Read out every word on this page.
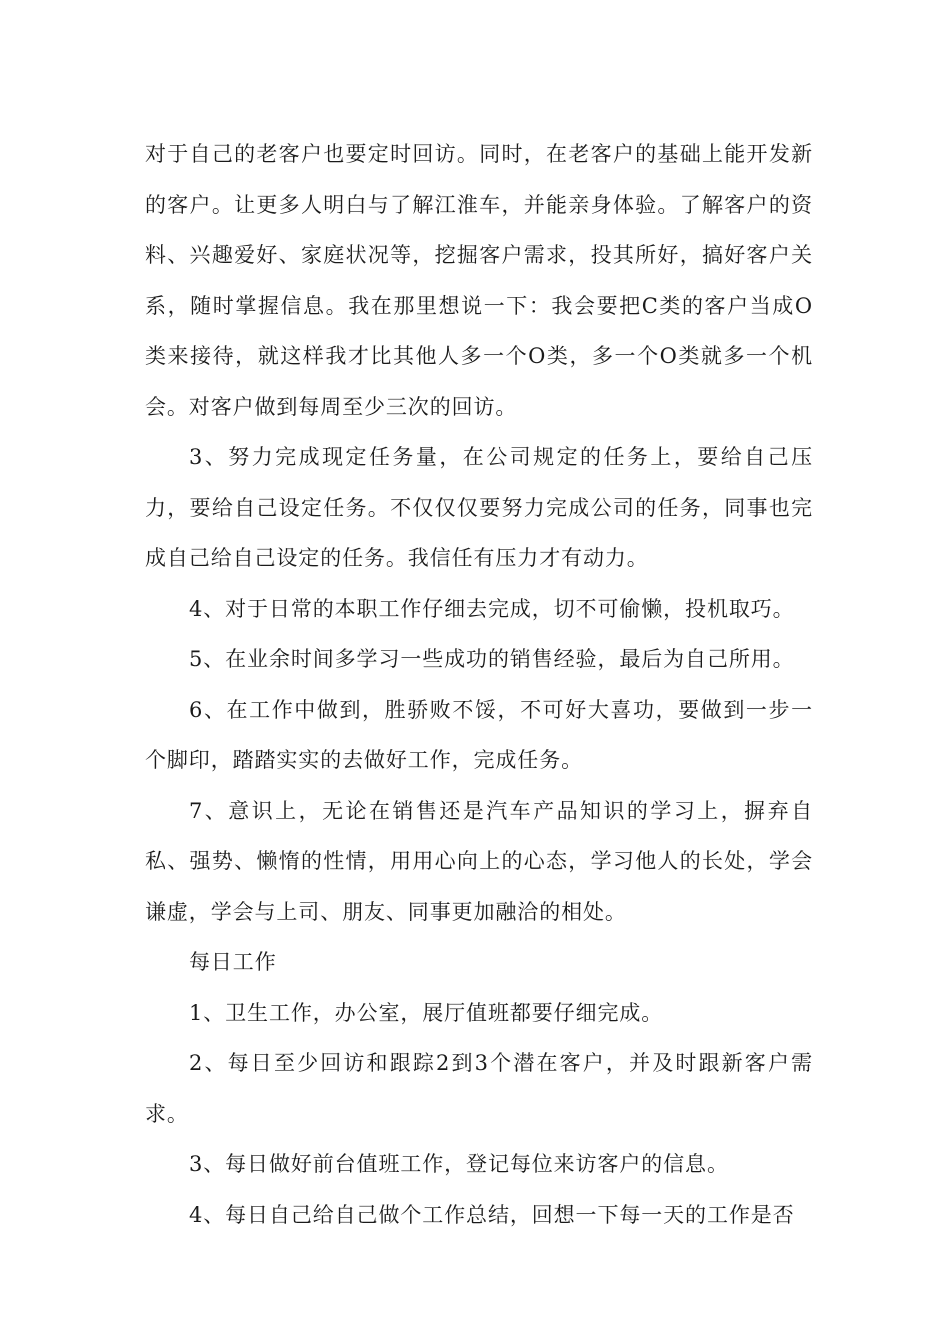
对于自己的老客户也要定时回访。同时，在老客户的基础上能开发新的客户。让更多人明白与了解江淮车，并能亲身体验。了解客户的资料、兴趣爱好、家庭状况等，挖掘客户需求，投其所好，搞好客户关系，随时掌握信息。我在那里想说一下：我会要把C类的客户当成O类来接待，就这样我才比其他人多一个O类，多一个O类就多一个机会。对客户做到每周至少三次的回访。

3、努力完成现定任务量，在公司规定的任务上，要给自己压力，要给自己设定任务。不仅仅仅要努力完成公司的任务，同事也完成自己给自己设定的任务。我信任有压力才有动力。

4、对于日常的本职工作仔细去完成，切不可偷懒，投机取巧。

5、在业余时间多学习一些成功的销售经验，最后为自己所用。

6、在工作中做到，胜骄败不馁，不可好大喜功，要做到一步一个脚印，踏踏实实的去做好工作，完成任务。

7、意识上，无论在销售还是汽车产品知识的学习上，摒弃自私、强势、懒惰的性情，用用心向上的心态，学习他人的长处，学会谦虚，学会与上司、朋友、同事更加融洽的相处。

每日工作

1、卫生工作，办公室，展厅值班都要仔细完成。

2、每日至少回访和跟踪2到3个潜在客户，并及时跟新客户需求。

3、每日做好前台值班工作，登记每位来访客户的信息。

4、每日自己给自己做个工作总结，回想一下每一天的工作是否
